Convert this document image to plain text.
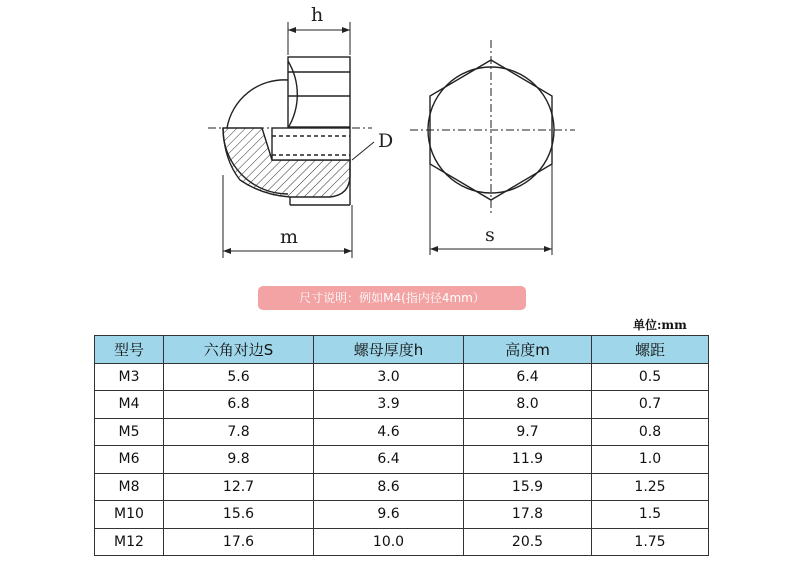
h
D
m	s
尺寸说明：例如M4(指内径4mm）
单位:mm
型号	六角对边S	螺母厚度h	高度m	螺距
M3	5.6	3.0	6.4	0.5
M4	6.8	3.9	8.0	0.7
M5	7.8	4.6	9.7	0.8
M6	9.8	6.4	11.9	1.0
M8	12.7	8.6	15.9	1.25
M10	15.6	9.6	17.8	1.5
M12	17.6	10.0	20.5	1.75
